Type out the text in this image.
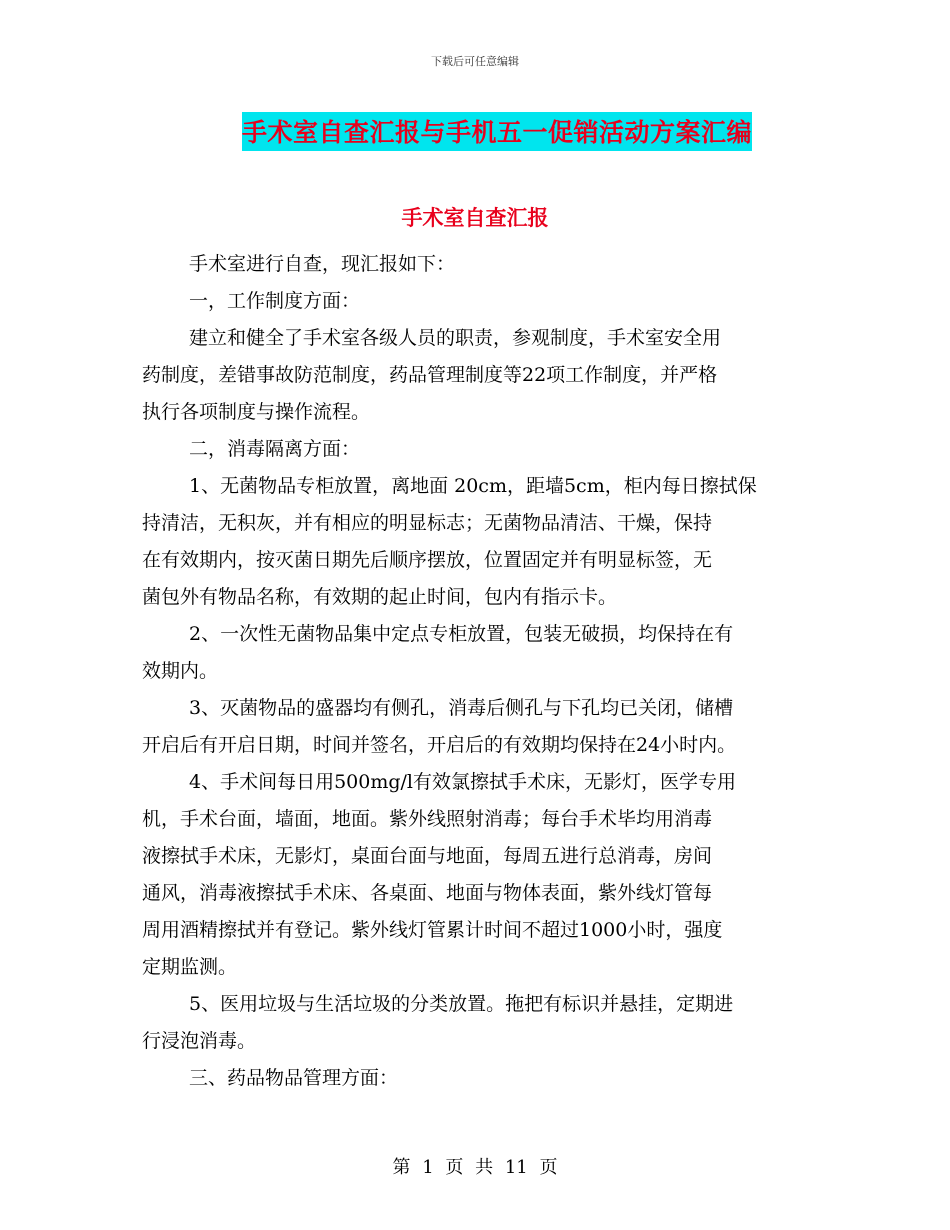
下载后可任意编辑
手术室自查汇报与手机五一促销活动方案汇编
手术室自查汇报
手术室进行自查，现汇报如下：
一，工作制度方面：
建立和健全了手术室各级人员的职责，参观制度，手术室安全用
药制度，差错事故防范制度，药品管理制度等22项工作制度，并严格
执行各项制度与操作流程。
二，消毒隔离方面：
1、无菌物品专柜放置，离地面 20cm，距墙5cm，柜内每日擦拭保
持清洁，无积灰，并有相应的明显标志；无菌物品清洁、干燥，保持
在有效期内，按灭菌日期先后顺序摆放，位置固定并有明显标签，无
菌包外有物品名称，有效期的起止时间，包内有指示卡。
2、一次性无菌物品集中定点专柜放置，包装无破损，均保持在有
效期内。
3、灭菌物品的盛器均有侧孔，消毒后侧孔与下孔均已关闭，储槽
开启后有开启日期，时间并签名，开启后的有效期均保持在24小时内。
4、手术间每日用500mg/l有效氯擦拭手术床，无影灯，医学专用
机，手术台面，墙面，地面。紫外线照射消毒；每台手术毕均用消毒
液擦拭手术床，无影灯，桌面台面与地面，每周五进行总消毒，房间
通风，消毒液擦拭手术床、各桌面、地面与物体表面，紫外线灯管每
周用酒精擦拭并有登记。紫外线灯管累计时间不超过1000小时，强度
定期监测。
5、医用垃圾与生活垃圾的分类放置。拖把有标识并悬挂，定期进
行浸泡消毒。
三、药品物品管理方面：
第 1 页 共 11 页
